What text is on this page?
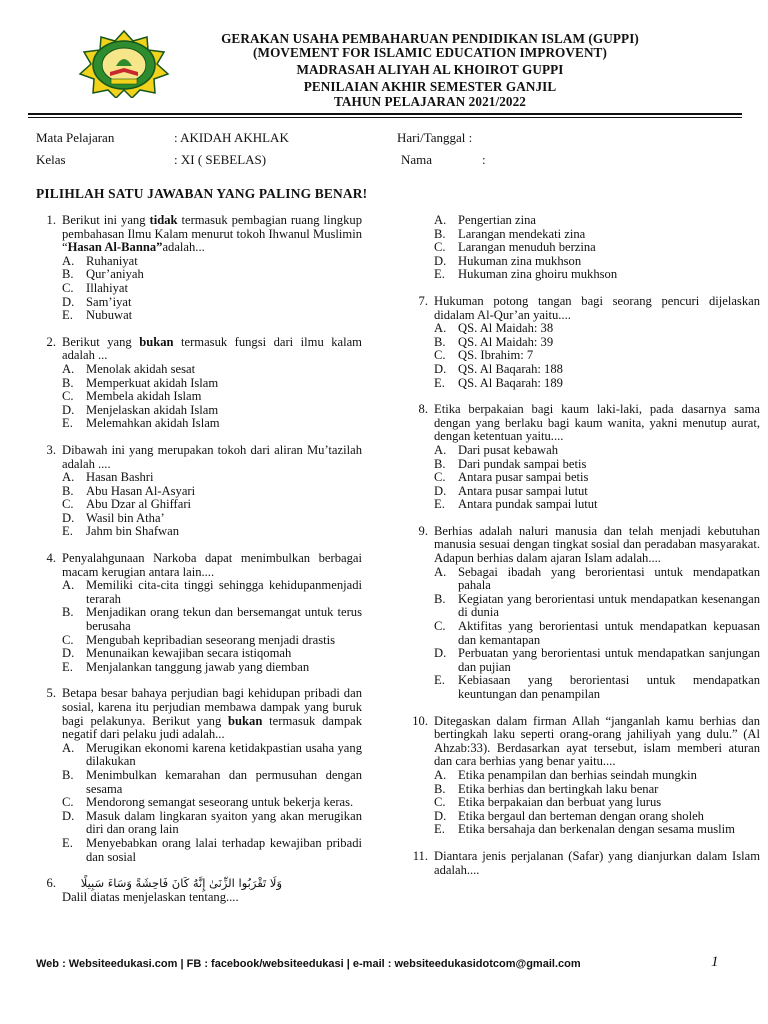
GERAKAN USAHA PEMBAHARUAN PENDIDIKAN ISLAM (GUPPI)
(MOVEMENT FOR ISLAMIC EDUCATION IMPROVENT)
MADRASAH ALIYAH AL KHOIROT GUPPI
PENILAIAN AKHIR SEMESTER GANJIL
TAHUN PELAJARAN 2021/2022
Mata Pelajaran	: AKIDAH AKHLAK	Hari/Tanggal :
Kelas	: XI ( SEBELAS)	Nama	:
PILIHLAH SATU JAWABAN YANG PALING BENAR!
1. Berikut ini yang tidak termasuk pembagian ruang lingkup pembahasan Ilmu Kalam menurut tokoh Ihwanul Muslimin “Hasan Al-Banna”adalah...
A. Ruhaniyat
B. Qur’aniyah
C. Illahiyat
D. Sam’iyat
E. Nubuwat
2. Berikut yang bukan termasuk fungsi dari ilmu kalam adalah ...
A. Menolak akidah sesat
B. Memperkuat akidah Islam
C. Membela akidah Islam
D. Menjelaskan akidah Islam
E. Melemahkan akidah Islam
3. Dibawah ini yang merupakan tokoh dari aliran Mu’tazilah adalah ....
A. Hasan Bashri
B. Abu Hasan Al-Asyari
C. Abu Dzar al Ghiffari
D. Wasil bin Atha’
E. Jahm bin Shafwan
4. Penyalahgunaan Narkoba dapat menimbulkan berbagai macam kerugian antara lain....
A. Memiliki cita-cita tinggi sehingga kehidupanmenjadi terarah
B. Menjadikan orang tekun dan bersemangat untuk terus berusaha
C. Mengubah kepribadian seseorang menjadi drastis
D. Menunaikan kewajiban secara istiqomah
E. Menjalankan tanggung jawab yang diemban
5. Betapa besar bahaya perjudian bagi kehidupan pribadi dan sosial, karena itu perjudian membawa dampak yang buruk bagi pelakunya. Berikut yang bukan termasuk dampak negatif dari pelaku judi adalah...
A. Merugikan ekonomi karena ketidakpastian usaha yang dilakukan
B. Menimbulkan kemarahan dan permusuhan dengan sesama
C. Mendorong semangat seseorang untuk bekerja keras.
D. Masuk dalam lingkaran syaiton yang akan merugikan diri dan orang lain
E. Menyebabkan orang lalai terhadap kewajiban pribadi dan sosial
6.	وَلَا تَقْرَبُوا الزِّنَىٰ إِنَّهُ كَانَ فَاحِشَةً وَسَاءَ سَبِيلًا
Dalil diatas menjelaskan tentang....
A. Pengertian zina
B. Larangan mendekati zina
C. Larangan menuduh berzina
D. Hukuman zina mukhson
E. Hukuman zina ghoiru mukhson
7. Hukuman potong tangan bagi seorang pencuri dijelaskan didalam Al-Qur’an yaitu....
A. QS. Al Maidah: 38
B. QS. Al Maidah: 39
C. QS. Ibrahim: 7
D. QS. Al Baqarah: 188
E. QS. Al Baqarah: 189
8. Etika berpakaian bagi kaum laki-laki, pada dasarnya sama dengan yang berlaku bagi kaum wanita, yakni menutup aurat, dengan ketentuan yaitu....
A. Dari pusat kebawah
B. Dari pundak sampai betis
C. Antara pusar sampai betis
D. Antara pusar sampai lutut
E. Antara pundak sampai lutut
9. Berhias adalah naluri manusia dan telah menjadi kebutuhan manusia sesuai dengan tingkat sosial dan peradaban masyarakat. Adapun berhias dalam ajaran Islam adalah....
A. Sebagai ibadah yang berorientasi untuk mendapatkan pahala
B. Kegiatan yang berorientasi untuk mendapatkan kesenangan di dunia
C. Aktifitas yang berorientasi untuk mendapatkan kepuasan dan kemantapan
D. Perbuatan yang berorientasi untuk mendapatkan sanjungan dan pujian
E. Kebiasaan yang berorientasi untuk mendapatkan keuntungan dan penampilan
10. Ditegaskan dalam firman Allah “janganlah kamu berhias dan bertingkah laku seperti orang-orang jahiliyah yang dulu.” (Al Ahzab:33). Berdasarkan ayat tersebut, islam memberi aturan dan cara berhias yang benar yaitu....
A. Etika penampilan dan berhias seindah mungkin
B. Etika berhias dan bertingkah laku benar
C. Etika berpakaian dan berbuat yang lurus
D. Etika bergaul dan berteman dengan orang sholeh
E. Etika bersahaja dan berkenalan dengan sesama muslim
11. Diantara jenis perjalanan (Safar) yang dianjurkan dalam Islam adalah....
Web : Websiteedukasi.com | FB : facebook/websiteedukasi | e-mail : websiteedukasidotcom@gmail.com	1
